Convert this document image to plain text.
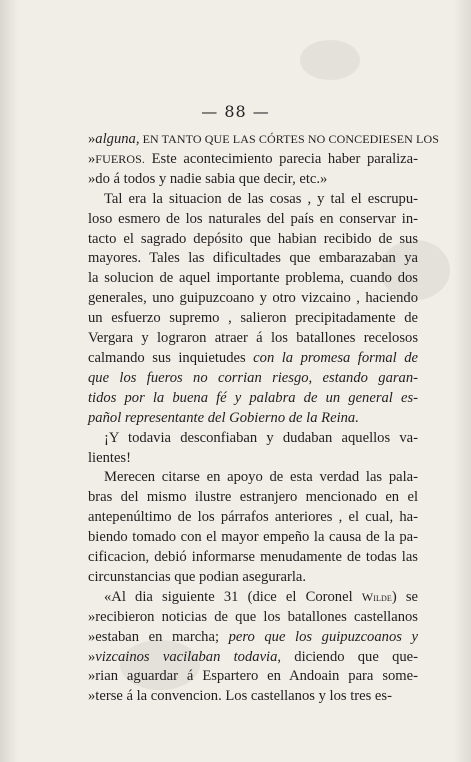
— 88 —
»alguna, EN TANTO QUE LAS CÓRTES NO CONCEDIESEN LOS
»FUEROS. Este acontecimiento parecia haber paraliza-
»do á todos y nadie sabia que decir, etc.»
Tal era la situacion de las cosas , y tal el escrupu-
loso esmero de los naturales del país en conservar in-
tacto el sagrado depósito que habian recibido de sus
mayores. Tales las dificultades que embarazaban ya
la solucion de aquel importante problema, cuando dos
generales, uno guipuzcoano y otro vizcaino , haciendo
un esfuerzo supremo , salieron precipitadamente de
Vergara y lograron atraer á los batallones recelosos
calmando sus inquietudes con la promesa formal de
que los fueros no corrian riesgo, estando garan-
tidos por la buena fé y palabra de un general es-
pañol representante del Gobierno de la Reina.
¡Y todavia desconfiaban y dudaban aquellos va-
lientes!
Merecen citarse en apoyo de esta verdad las pala-
bras del mismo ilustre estranjero mencionado en el
antepenúltimo de los párrafos anteriores , el cual, ha-
biendo tomado con el mayor empeño la causa de la pa-
cificacion, debió informarse menudamente de todas las
circunstancias que podian asegurarla.
«Al dia siguiente 31 (dice el Coronel Wilde) se
»recibieron noticias de que los batallones castellanos
»estaban en marcha; pero que los guipuzcoanos y
»vizcainos vacilaban todavia, diciendo que que-
»rian aguardar á Espartero en Andoain para some-
»terse á la convencion. Los castellanos y los tres es-
